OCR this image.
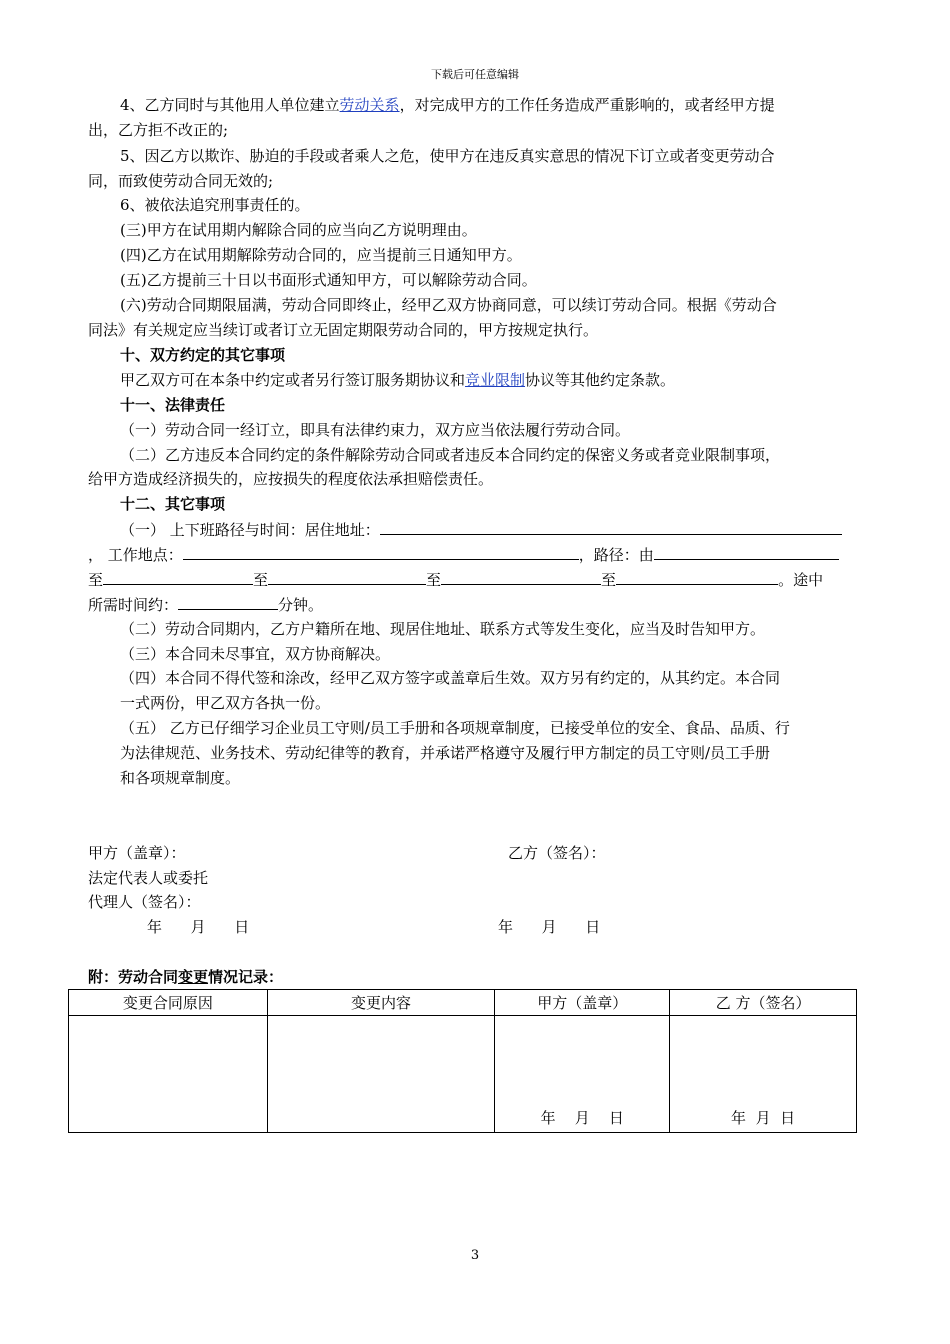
下载后可任意编辑
4、乙方同时与其他用人单位建立劳动关系，对完成甲方的工作任务造成严重影响的，或者经甲方提
出，乙方拒不改正的;
5、因乙方以欺诈、胁迫的手段或者乘人之危，使甲方在违反真实意思的情况下订立或者变更劳动合
同，而致使劳动合同无效的;
6、被依法追究刑事责任的。
(三)甲方在试用期内解除合同的应当向乙方说明理由。
(四)乙方在试用期解除劳动合同的，应当提前三日通知甲方。
(五)乙方提前三十日以书面形式通知甲方，可以解除劳动合同。
(六)劳动合同期限届满，劳动合同即终止，经甲乙双方协商同意，可以续订劳动合同。根据《劳动合
同法》有关规定应当续订或者订立无固定期限劳动合同的，甲方按规定执行。
十、双方约定的其它事项
甲乙双方可在本条中约定或者另行签订服务期协议和竞业限制协议等其他约定条款。
十一、法律责任
（一）劳动合同一经订立，即具有法律约束力，双方应当依法履行劳动合同。
（二）乙方违反本合同约定的条件解除劳动合同或者违反本合同约定的保密义务或者竞业限制事项，
给甲方造成经济损失的，应按损失的程度依法承担赔偿责任。
十二、其它事项
（一） 上下班路径与时间：居住地址：
， 工作地点：	，路径：由
至	至	至	至	。途中
所需时间约：	分钟。
（二）劳动合同期内，乙方户籍所在地、现居住地址、联系方式等发生变化，应当及时告知甲方。
（三）本合同未尽事宜，双方协商解决。
（四）本合同不得代签和涂改，经甲乙双方签字或盖章后生效。双方另有约定的，从其约定。本合同
一式两份，甲乙双方各执一份。
（五） 乙方已仔细学习企业员工守则/员工手册和各项规章制度，已接受单位的安全、食品、品质、行
为法律规范、业务技术、劳动纪律等的教育，并承诺严格遵守及履行甲方制定的员工守则/员工手册
和各项规章制度。
甲方（盖章）：	乙方（签名）：
法定代表人或委托
代理人（签名）：
年      月      日	年      月      日
附：劳动合同变更情况记录：
变更合同原因	变更内容	甲方（盖章）	乙 方（签名）

		年    月    日	年  月  日
3
